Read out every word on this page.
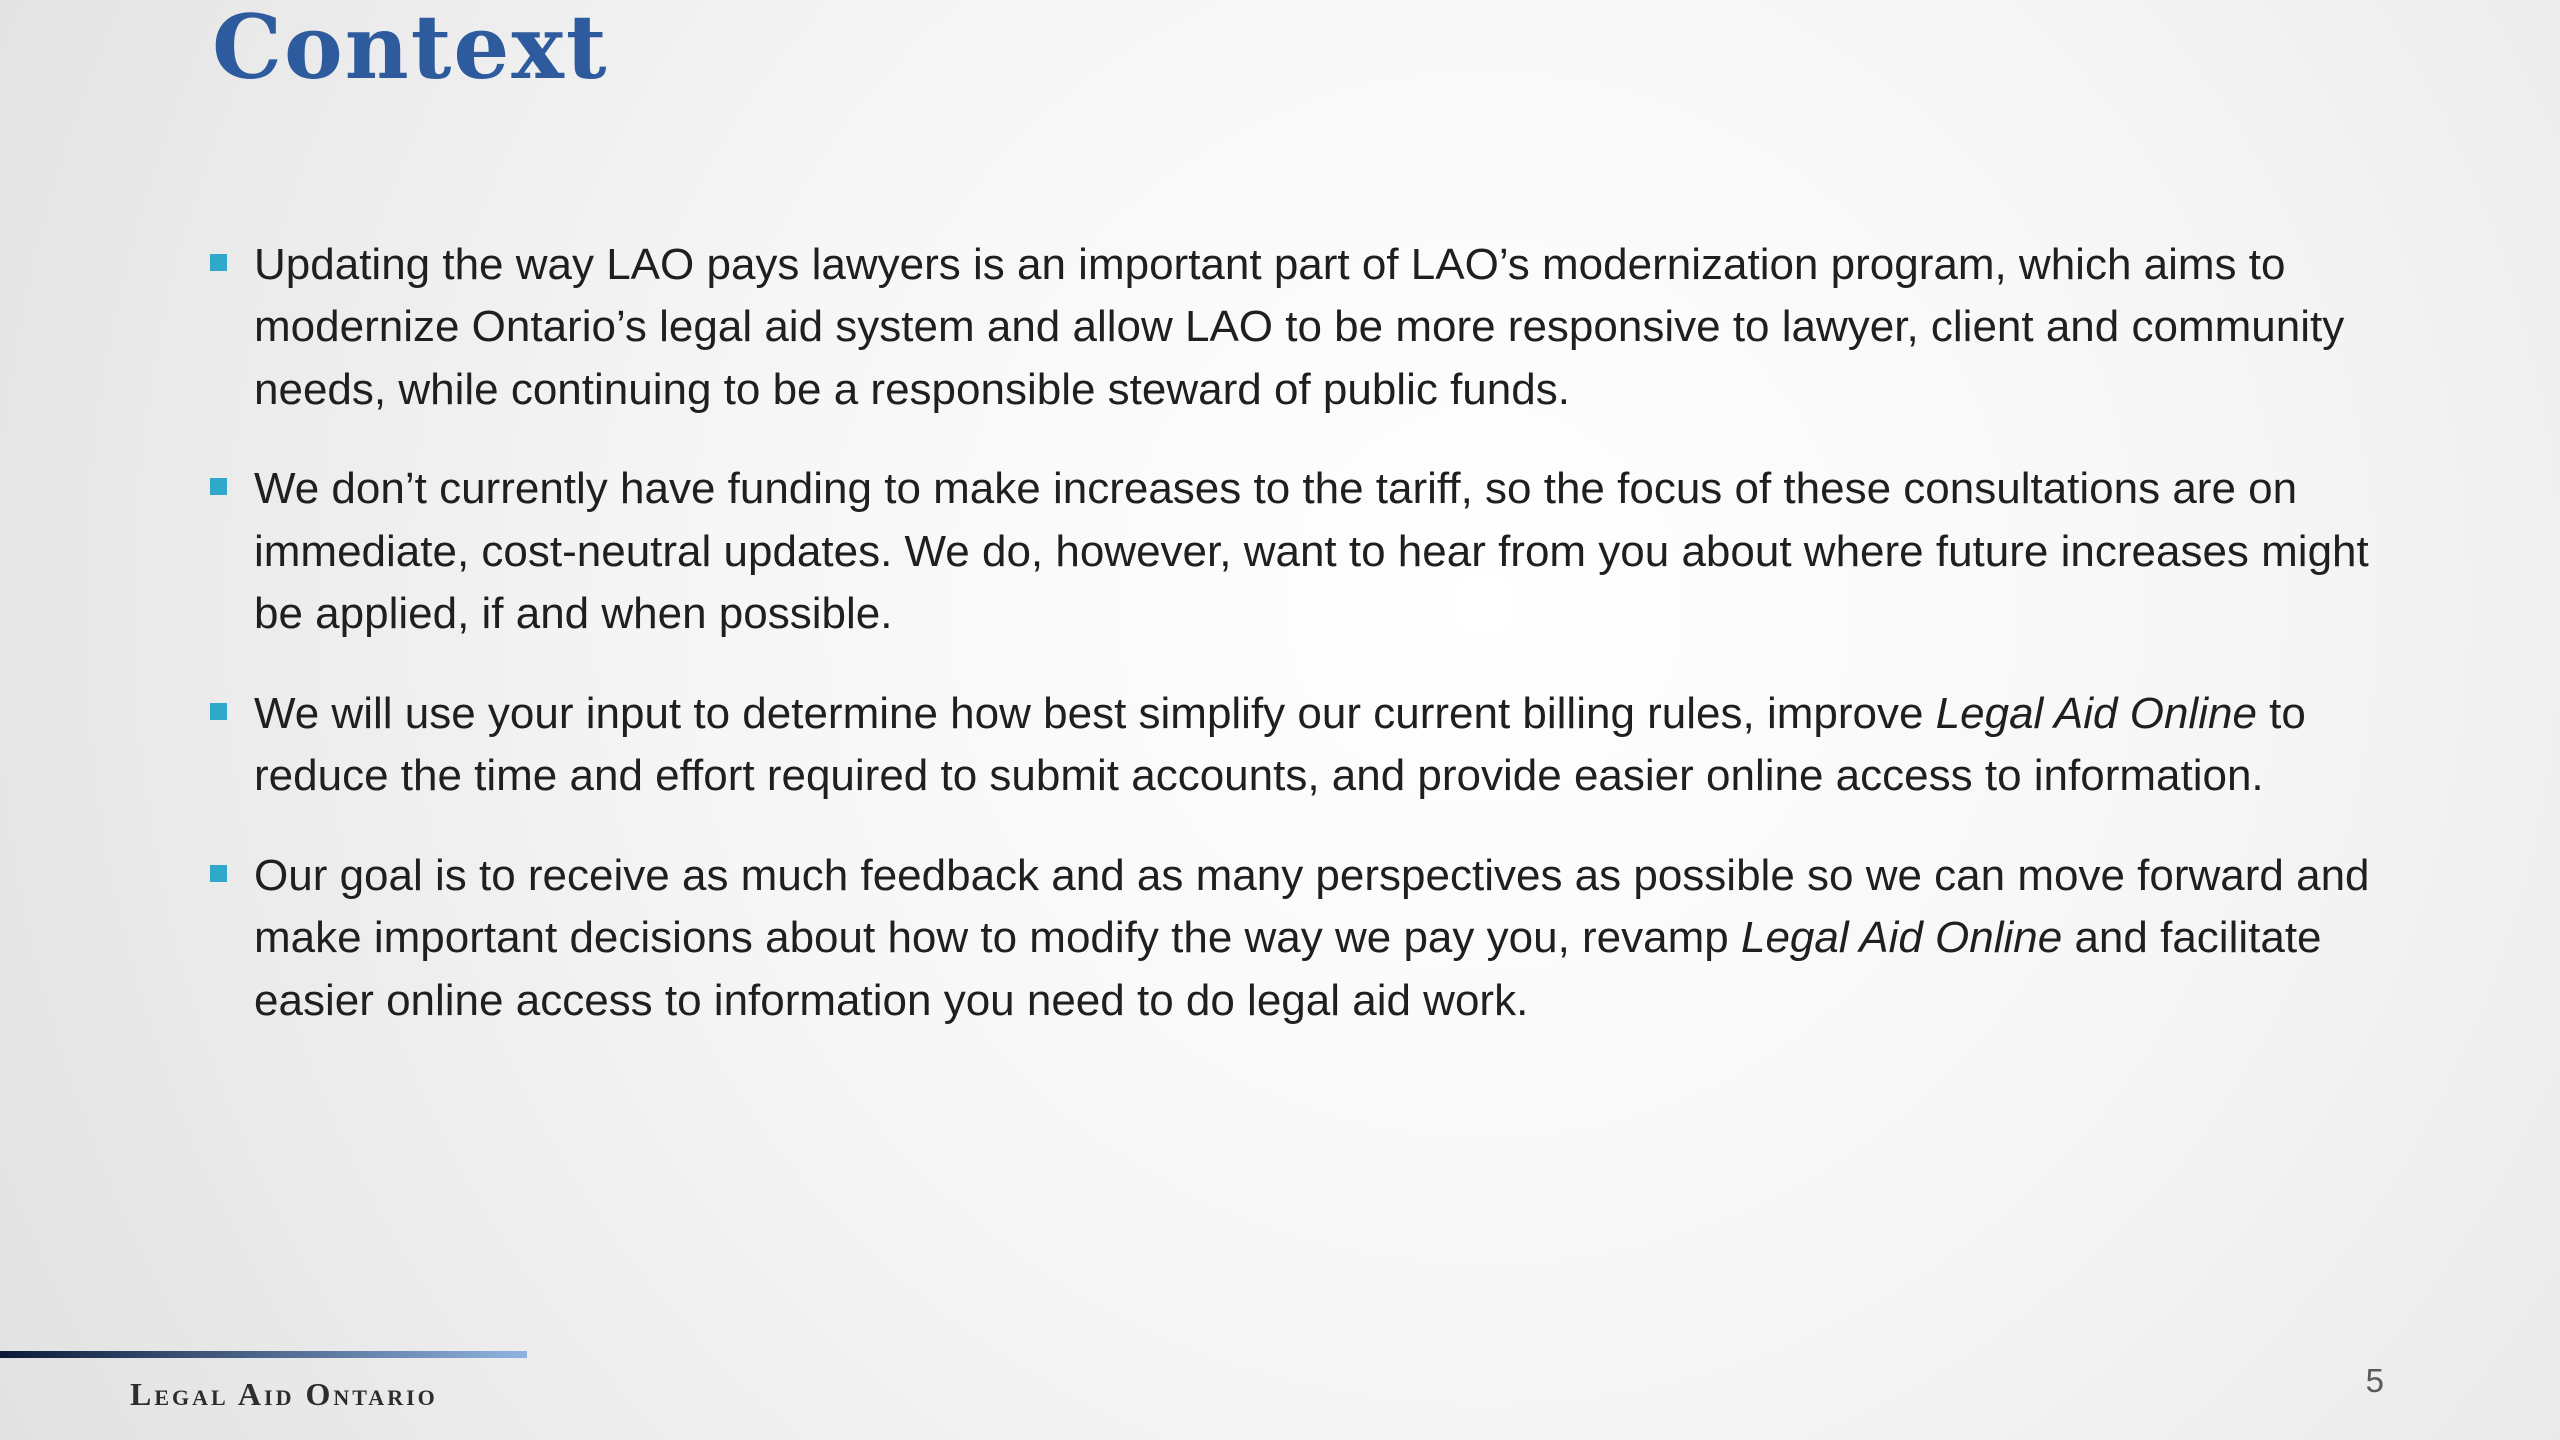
Context

Updating the way LAO pays lawyers is an important part of LAO’s modernization program, which aims to modernize Ontario’s legal aid system and allow LAO to be more responsive to lawyer, client and community needs, while continuing to be a responsible steward of public funds.

We don’t currently have funding to make increases to the tariff, so the focus of these consultations are on immediate, cost-neutral updates. We do, however, want to hear from you about where future increases might be applied, if and when possible.

We will use your input to determine how best simplify our current billing rules, improve Legal Aid Online to reduce the time and effort required to submit accounts, and provide easier online access to information.

Our goal is to receive as much feedback and as many perspectives as possible so we can move forward and make important decisions about how to modify the way we pay you, revamp Legal Aid Online and facilitate easier online access to information you need to do legal aid work.

Legal Aid Ontario	5
